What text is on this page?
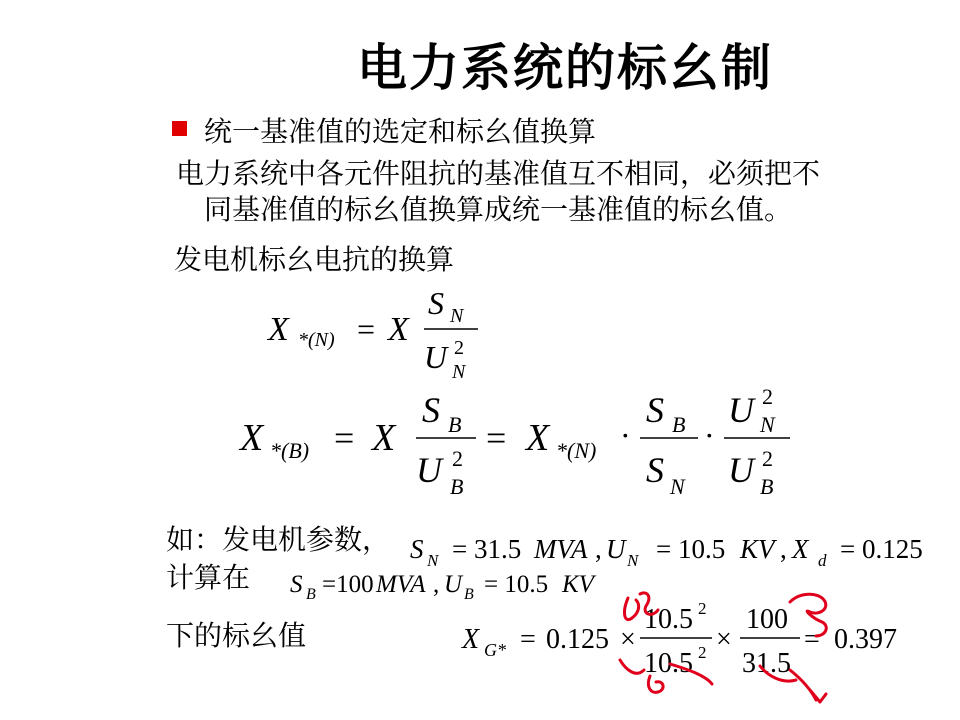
电力系统的标幺制
统一基准值的选定和标幺值换算
电力系统中各元件阻抗的基准值互不相同，必须把不
同基准值的标幺值换算成统一基准值的标幺值。
发电机标幺电抗的换算
X *(N) = X
S N
U 2
N
X *(B) = X
S B
U 2
B
= X *(N) ·
S B
S N
·
U 2
N
U 2
B
S N = 31.5 MVA , U N = 10.5 KV , X d = 0.125
S B =100 MVA , U B = 10.5 KV
X G* = 0.125 ×
10.5 2
10.5 2 ×
100
31.5
= 0.397
如：发电机参数，
计算在
下的标幺值
